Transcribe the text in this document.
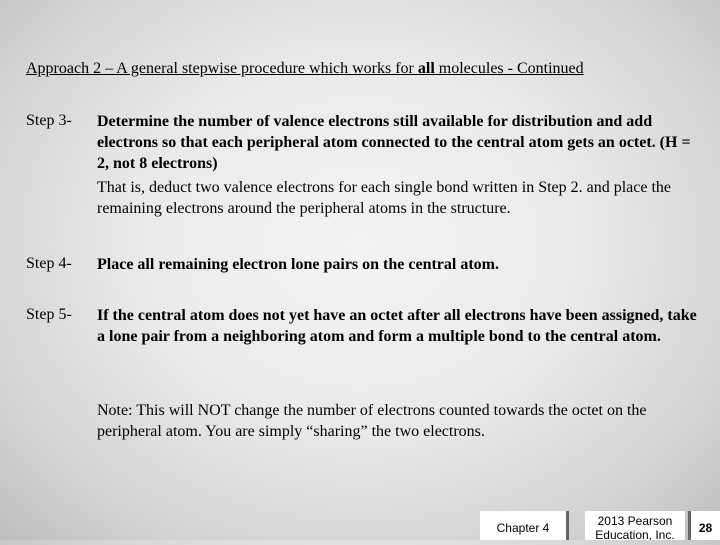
Approach 2 – A general stepwise procedure which works for all molecules - Continued
Step 3- Determine the number of valence electrons still available for distribution and add electrons so that each peripheral atom connected to the central atom gets an octet. (H = 2, not 8 electrons)
That is, deduct two valence electrons for each single bond written in Step 2. and place the remaining electrons around the peripheral atoms in the structure.
Step 4- Place all remaining electron lone pairs on the central atom.
Step 5- If the central atom does not yet have an octet after all electrons have been assigned, take a lone pair from a neighboring atom and form a multiple bond to the central atom.
Note: This will NOT change the number of electrons counted towards the octet on the peripheral atom. You are simply “sharing” the two electrons.
Chapter 4	2013 Pearson Education, Inc.	28
